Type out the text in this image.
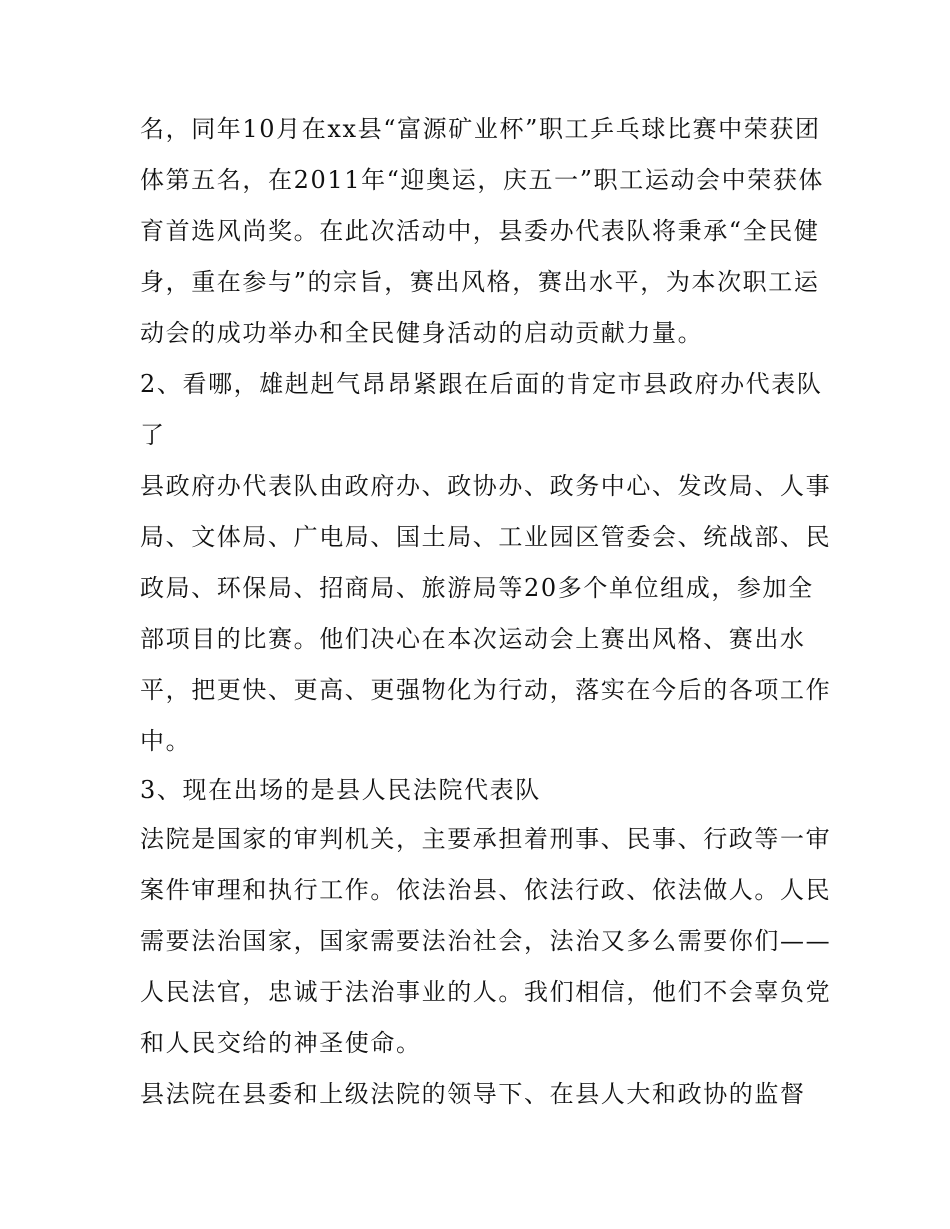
名，同年10月在xx县“富源矿业杯”职工乒乓球比赛中荣获团
体第五名，在2011年“迎奥运，庆五一”职工运动会中荣获体
育首选风尚奖。在此次活动中，县委办代表队将秉承“全民健
身，重在参与”的宗旨，赛出风格，赛出水平，为本次职工运
动会的成功举办和全民健身活动的启动贡献力量。
2、看哪，雄赳赳气昂昂紧跟在后面的肯定市县政府办代表队
了
县政府办代表队由政府办、政协办、政务中心、发改局、人事
局、文体局、广电局、国土局、工业园区管委会、统战部、民
政局、环保局、招商局、旅游局等20多个单位组成，参加全
部项目的比赛。他们决心在本次运动会上赛出风格、赛出水
平，把更快、更高、更强物化为行动，落实在今后的各项工作
中。
3、现在出场的是县人民法院代表队
法院是国家的审判机关，主要承担着刑事、民事、行政等一审
案件审理和执行工作。依法治县、依法行政、依法做人。人民
需要法治国家，国家需要法治社会，法治又多么需要你们——
人民法官，忠诚于法治事业的人。我们相信，他们不会辜负党
和人民交给的神圣使命。
县法院在县委和上级法院的领导下、在县人大和政协的监督
